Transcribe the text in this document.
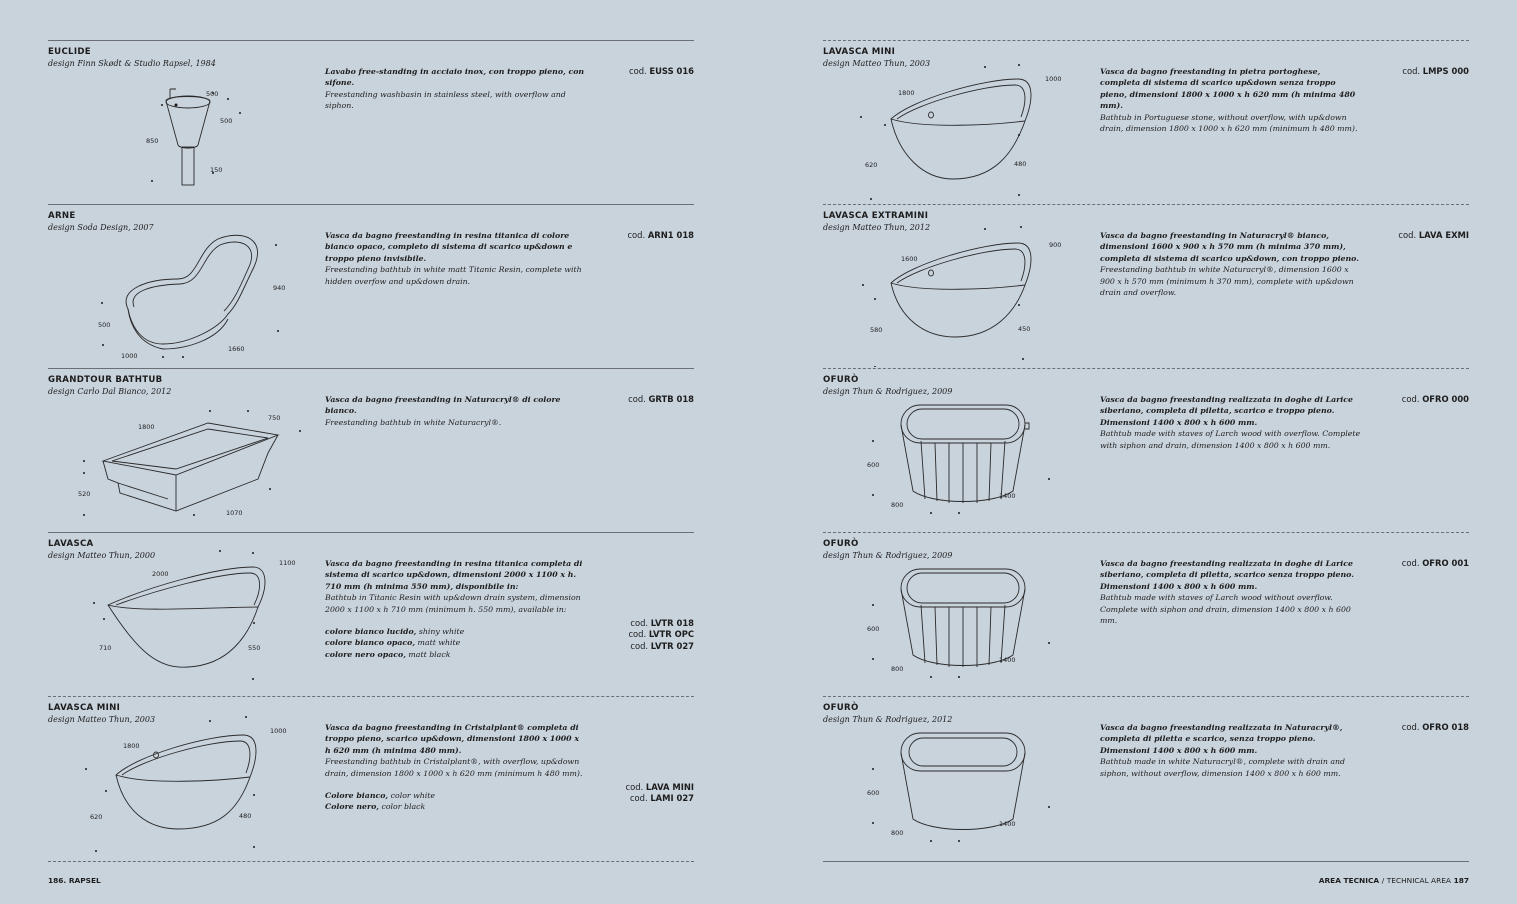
EUCLIDE
design Finn Skødt & Studio Rapsel, 1984
500
500
850
150
Lavabo free-standing in acciaio inox, con troppo pieno, con sifone.
Freestanding washbasin in stainless steel, with overflow and siphon.
cod. EUSS 016
ARNE
design Soda Design, 2007
940
500
1000
1660
Vasca da bagno freestanding in resina titanica di colore bianco opaco, completo di sistema di scarico up&down e troppo pieno invisibile.
Freestanding bathtub in white matt Titanic Resin, complete with hidden overfow and up&down drain.
cod. ARN1 018
GRANDTOUR BATHTUB
design Carlo Dal Bianco, 2012
1800
750
520
1070
Vasca da bagno freestanding in Naturacryl® di colore bianco.
Freestanding bathtub in white Naturacryl®.
cod. GRTB 018
LAVASCA
design Matteo Thun, 2000
2000
1100
710	550
Vasca da bagno freestanding in resina titanica completa di sistema di scarico up&down, dimensioni 2000 x 1100 x h. 710 mm (h minima 550 mm), disponibile in:
Bathtub in Titanic Resin with up&down drain system, dimension 2000 x 1100 x h 710 mm (minimum h. 550 mm), available in:
colore bianco lucido, shiny white
colore bianco opaco, matt white
colore nero opaco, matt black
cod. LVTR 018
cod. LVTR OPC
cod. LVTR 027
LAVASCA MINI
design Matteo Thun, 2003
1800
1000
620	480
Vasca da bagno freestanding in Cristalplant® completa di troppo pieno, scarico up&down, dimensioni 1800 x 1000 x h 620 mm (h minima 480 mm).
Freestanding bathtub in Cristalplant®, with overflow, up&down drain, dimension 1800 x 1000 x h 620 mm (minimum h 480 mm).
Colore bianco, color white
Colore nero, color black
cod. LAVA MINI
cod. LAMI 027
LAVASCA MINI
design Matteo Thun, 2003
1800
1000
620	480
Vasca da bagno freestanding in pietra portoghese, completa di sistema di scarico up&down senza troppo pieno, dimensioni 1800 x 1000 x h 620 mm (h minima 480 mm).
Bathtub in Portuguese stone, without overflow, with up&down drain, dimension 1800 x 1000 x h 620 mm (minimum h 480 mm).
cod. LMPS 000
LAVASCA EXTRAMINI
design Matteo Thun, 2012
1600
900
580	450
Vasca da bagno freestanding in Naturacryl® bianco, dimensioni 1600 x 900 x h 570 mm (h minima 370 mm), completa di sistema di scarico up&down, con troppo pieno.
Freestanding bathtub in white Naturacryl®, dimension 1600 x 900 x h 570 mm (minimum h 370 mm), complete with up&down drain and overflow.
cod. LAVA EXMI
OFURÒ
design Thun & Rodriguez, 2009
600
800
1400
Vasca da bagno freestanding realizzata in doghe di Larice siberiano, completa di piletta, scarico e troppo pieno. Dimensioni 1400 x 800 x h 600 mm.
Bathtub made with staves of Larch wood with overflow. Complete with siphon and drain, dimension 1400 x 800 x h 600 mm.
cod. OFRO 000
OFURÒ
design Thun & Rodriguez, 2009
600
800
1400
Vasca da bagno freestanding realizzata in doghe di Larice siberiano, completa di piletta, scarico senza troppo pieno. Dimensioni 1400 x 800 x h 600 mm.
Bathtub made with staves of Larch wood without overflow. Complete with siphon and drain, dimension 1400 x 800 x h 600 mm.
cod. OFRO 001
OFURÒ
design Thun & Rodriguez, 2012
600
800
1400
Vasca da bagno freestanding realizzata in Naturacryl®, completa di piletta e scarico, senza troppo pieno. Dimensioni 1400 x 800 x h 600 mm.
Bathtub made in white Naturacryl®, complete with drain and siphon, without overflow, dimension 1400 x 800 x h 600 mm.
cod. OFRO 018
186. RAPSEL	AREA TECNICA / TECHNICAL AREA 187
